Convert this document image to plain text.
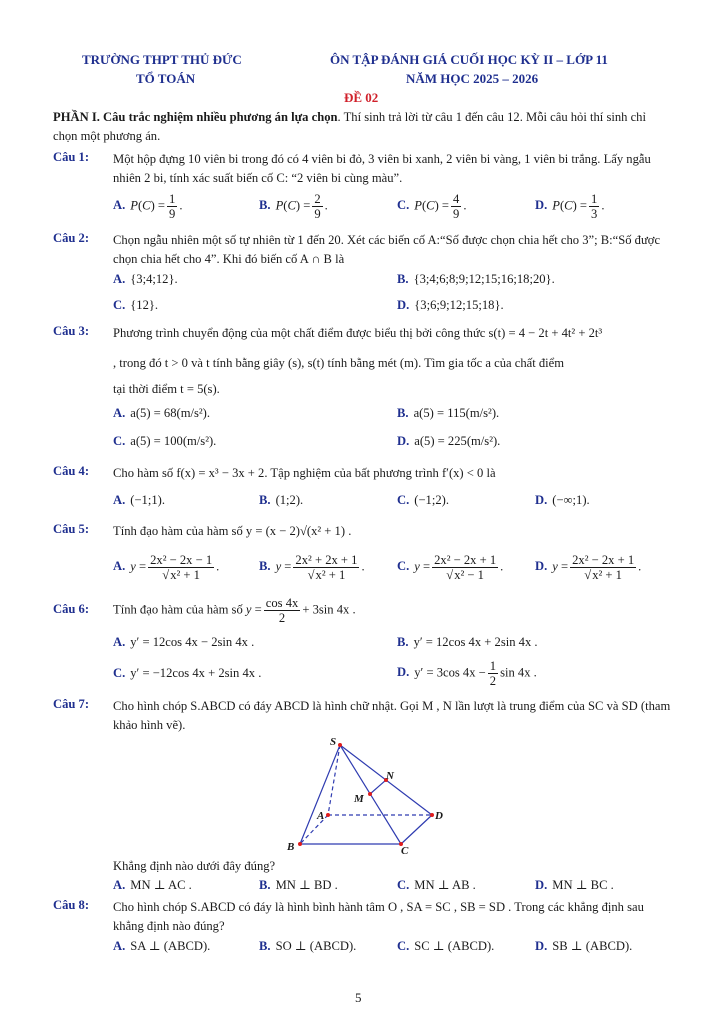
TRƯỜNG THPT THỦ ĐỨC
TỔ TOÁN
ÔN TẬP ĐÁNH GIÁ CUỐI HỌC KỲ II – LỚP 11
NĂM HỌC 2025 – 2026
ĐỀ 02
PHẦN I. Câu trắc nghiệm nhiều phương án lựa chọn. Thí sinh trả lời từ câu 1 đến câu 12. Mỗi câu hỏi thí sinh chỉ chọn một phương án.
Câu 1: Một hộp đựng 10 viên bi trong đó có 4 viên bi đỏ, 3 viên bi xanh, 2 viên bi vàng, 1 viên bi trắng. Lấy ngẫu nhiên 2 bi, tính xác suất biến cố C: “2 viên bi cùng màu”.
A. $P(C) = \frac{1}{9}$ .	B. $P(C) = \frac{2}{9}$ .	C. $P(C) = \frac{4}{9}$ .	D. $P(C) = \frac{1}{3}$ .
Câu 2: Chọn ngẫu nhiên một số tự nhiên từ 1 đến 20. Xét các biến cố A:“Số được chọn chia hết cho 3”; B:“Số được chọn chia hết cho 4”. Khi đó biến cố A ∩ B là
A. {3;4;12}.	B. {3;4;6;8;9;12;15;16;18;20}.
C. {12}.	D. {3;6;9;12;15;18}.
Câu 3: Phương trình chuyển động của một chất điểm được biểu thị bởi công thức s(t) = 4 − 2t + 4t² + 2t³
, trong đó t > 0 và t tính bằng giây (s), s(t) tính bằng mét (m). Tìm gia tốc a của chất điểm
tại thời điểm t = 5(s).
A. a(5) = 68(m/s²).	B. a(5) = 115(m/s²).
C. a(5) = 100(m/s²).	D. a(5) = 225(m/s²).
Câu 4: Cho hàm số f(x) = x³ − 3x + 2. Tập nghiệm của bất phương trình f′(x) < 0 là
A. (−1;1).	B. (1;2).	C. (−1;2).	D. (−∞;1).
Câu 5: Tính đạo hàm của hàm số y = (x − 2)√(x² + 1) .
A. $y = \frac{\text{2x² − 2x − 1}}{\text{√x² + 1}}$ .	B. $y = \frac{\text{2x² + 2x + 1}}{\text{√x² + 1}}$ .	C. $y = \frac{\text{2x² − 2x + 1}}{\text{√x² − 1}}$ .	D. $y = \frac{\text{2x² − 2x + 1}}{\text{√x² + 1}}$ .
Câu 6: Tính đạo hàm của hàm số $y = \frac{\cos 4x}{2} + 3\sin$ 4x .
A. y′ = 12cos 4x − 2sin 4x .	B. y′ = 12cos 4x + 2sin 4x .
C. y′ = −12cos 4x + 2sin 4x .	D. y′ = 3cos $4x - \frac{1}{2}$ sin 4x .
Câu 7: Cho hình chóp S.ABCD có đáy ABCD là hình chữ nhật. Gọi M , N lần lượt là trung điểm của SC và SD (tham khảo hình vẽ).
S
N
M
A
B	C
D
Khẳng định nào dưới đây đúng?
A. MN ⊥ AC .	B. MN ⊥ BD .	C. MN ⊥ AB .	D. MN ⊥ BC .
Câu 8: Cho hình chóp S.ABCD có đáy là hình bình hành tâm O , SA = SC , SB = SD . Trong các khẳng định sau khẳng định nào đúng?
A. SA ⊥ (ABCD).	B. SO ⊥ (ABCD).	C. SC ⊥ (ABCD).	D. SB ⊥ (ABCD).
5
